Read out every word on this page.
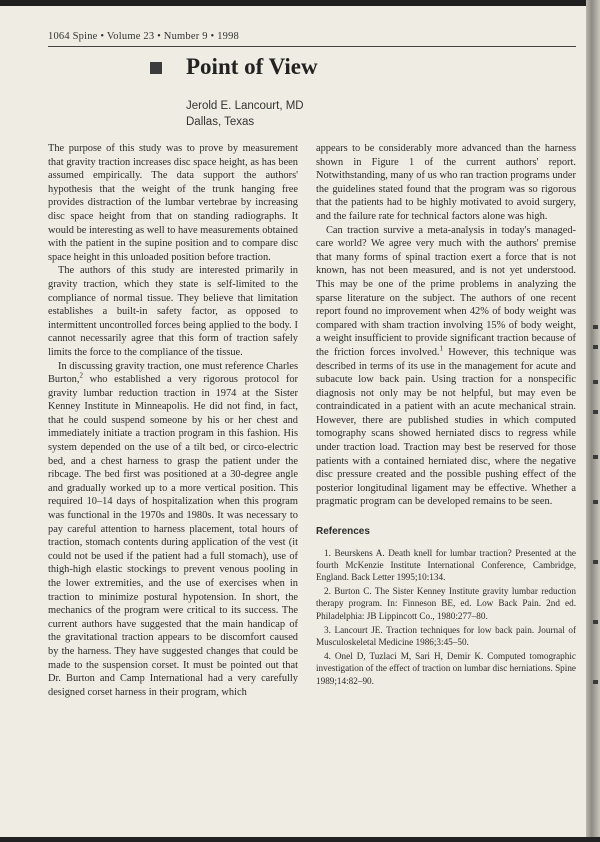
1064 Spine • Volume 23 • Number 9 • 1998
Point of View
Jerold E. Lancourt, MD
Dallas, Texas

The purpose of this study was to prove by measurement that gravity traction increases disc space height, as has been assumed empirically. The data support the authors' hypothesis that the weight of the trunk hanging free provides distraction of the lumbar vertebrae by increasing disc space height from that on standing radiographs. It would be interesting as well to have measurements obtained with the patient in the supine position and to compare disc space height in this unloaded position before traction.

The authors of this study are interested primarily in gravity traction, which they state is self-limited to the compliance of normal tissue. They believe that limitation establishes a built-in safety factor, as opposed to intermittent uncontrolled forces being applied to the body. I cannot necessarily agree that this form of traction safely limits the force to the compliance of the tissue.

In discussing gravity traction, one must reference Charles Burton,$^2$ who established a very rigorous protocol for gravity lumbar reduction traction in 1974 at the Sister Kenney Institute in Minneapolis. He did not find, in fact, that he could suspend someone by his or her chest and immediately initiate a traction program in this fashion. His system depended on the use of a tilt bed, or circo-electric bed, and a chest harness to grasp the patient under the ribcage. The bed first was positioned at a 30-degree angle and gradually worked up to a more vertical position. This required 10–14 days of hospitalization when this program was functional in the 1970s and 1980s. It was necessary to pay careful attention to harness placement, total hours of traction, stomach contents during application of the vest (it could not be used if the patient had a full stomach), use of thigh-high elastic stockings to prevent venous pooling in the lower extremities, and the use of exercises when in traction to minimize postural hypotension. In short, the mechanics of the program were critical to its success. The current authors have suggested that the main handicap of the gravitational traction appears to be discomfort caused by the harness. They have suggested changes that could be made to the suspension corset. It must be pointed out that Dr. Burton and Camp International had a very carefully designed corset harness in their program, which

appears to be considerably more advanced than the harness shown in Figure 1 of the current authors' report. Notwithstanding, many of us who ran traction programs under the guidelines stated found that the program was so rigorous that the patients had to be highly motivated to avoid surgery, and the failure rate for technical factors alone was high.

Can traction survive a meta-analysis in today's managed-care world? We agree very much with the authors' premise that many forms of spinal traction exert a force that is not known, has not been measured, and is not yet understood. This may be one of the prime problems in analyzing the sparse literature on the subject. The authors of one recent report found no improvement when 42% of body weight was compared with sham traction involving 15% of body weight, a weight insufficient to provide significant traction because of the friction forces involved.$^1$ However, this technique was described in terms of its use in the management for acute and subacute low back pain. Using traction for a nonspecific diagnosis not only may be not helpful, but may even be contraindicated in a patient with an acute mechanical strain. However, there are published studies in which computed tomography scans showed herniated discs to regress while under traction load. Traction may best be reserved for those patients with a contained herniated disc, where the negative disc pressure created and the possible pushing effect of the posterior longitudinal ligament may be effective. Whether a pragmatic program can be developed remains to be seen.

References
1. Beurskens A. Death knell for lumbar traction? Presented at the fourth McKenzie Institute International Conference, Cambridge, England. Back Letter 1995;10:134.
2. Burton C. The Sister Kenney Institute gravity lumbar reduction therapy program. In: Finneson BE, ed. Low Back Pain. 2nd ed. Philadelphia: JB Lippincott Co., 1980:277–80.
3. Lancourt JE. Traction techniques for low back pain. Journal of Musculoskeletal Medicine 1986;3:45–50.
4. Onel D, Tuzlaci M, Sari H, Demir K. Computed tomographic investigation of the effect of traction on lumbar disc herniations. Spine 1989;14:82–90.
